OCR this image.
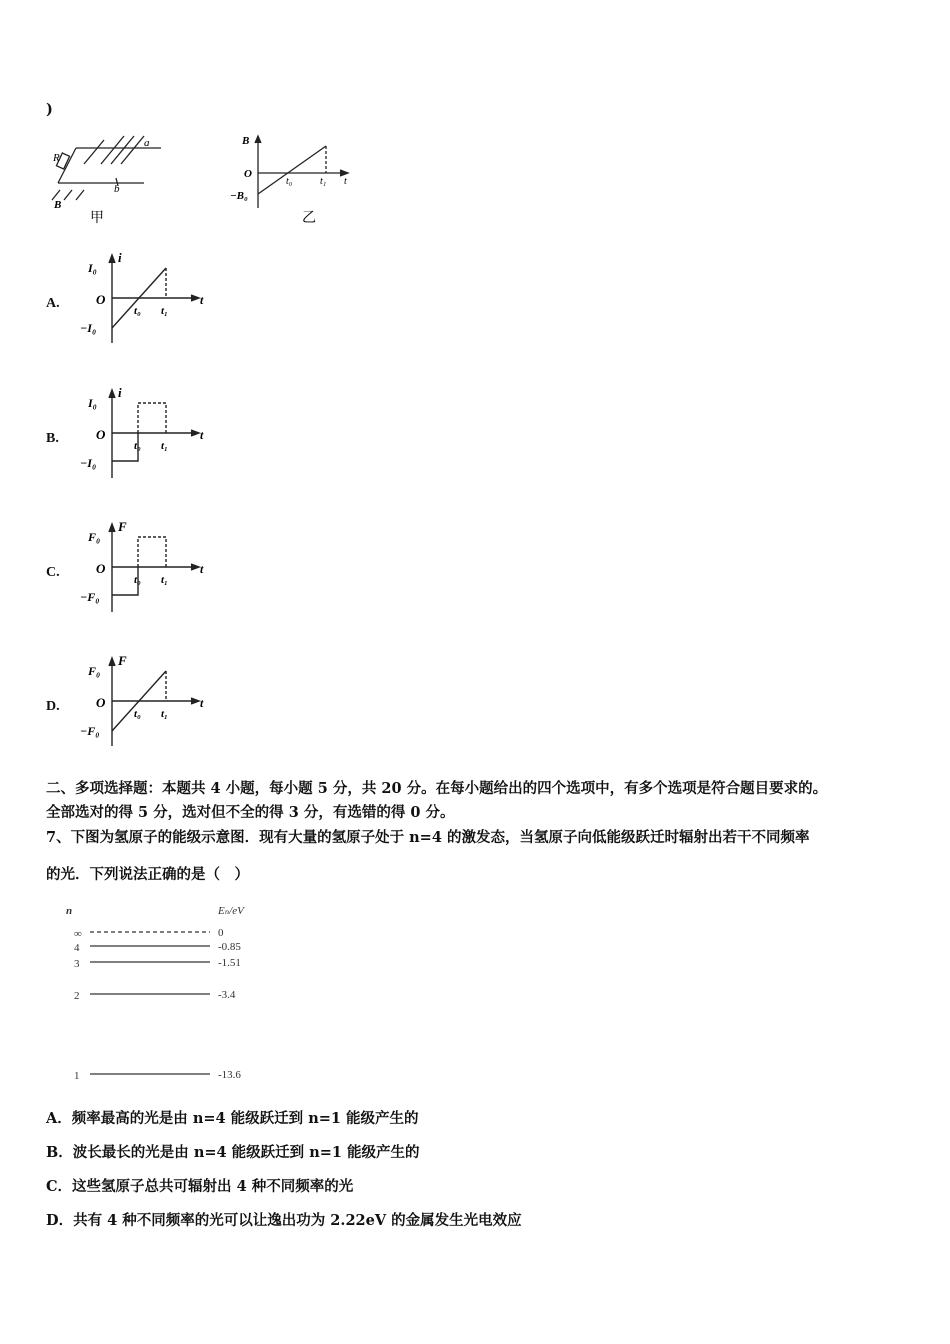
)
R
a
b
B
甲
B
O
−B₀
t₀	t₁ t
乙
A.
I₀
i
O
−I₀
t₀ t₁
t
B.
I₀
i
O
−I₀
t₀ t₁
t
C.
F₀
F
O
−F₀
t₀ t₁
t
D.
F₀
F
O
−F₀
t₀ t₁
t
二、多项选择题：本题共 4 小题，每小题 5 分，共 20 分。在每小题给出的四个选项中，有多个选项是符合题目要求的。
全部选对的得 5 分，选对但不全的得 3 分，有选错的得 0 分。
7、下图为氢原子的能级示意图．现有大量的氢原子处于 n=4 的激发态，当氢原子向低能级跃迁时辐射出若干不同频率
的光．下列说法正确的是（　）
n	Eₙ/eV
∞	0
4	-0.85
3	-1.51
2	-3.4
1	-13.6
A．频率最高的光是由 n=4 能级跃迁到 n=1 能级产生的
B．波长最长的光是由 n=4 能级跃迁到 n=1 能级产生的
C．这些氢原子总共可辐射出 4 种不同频率的光
D．共有 4 种不同频率的光可以让逸出功为 2.22eV 的金属发生光电效应
